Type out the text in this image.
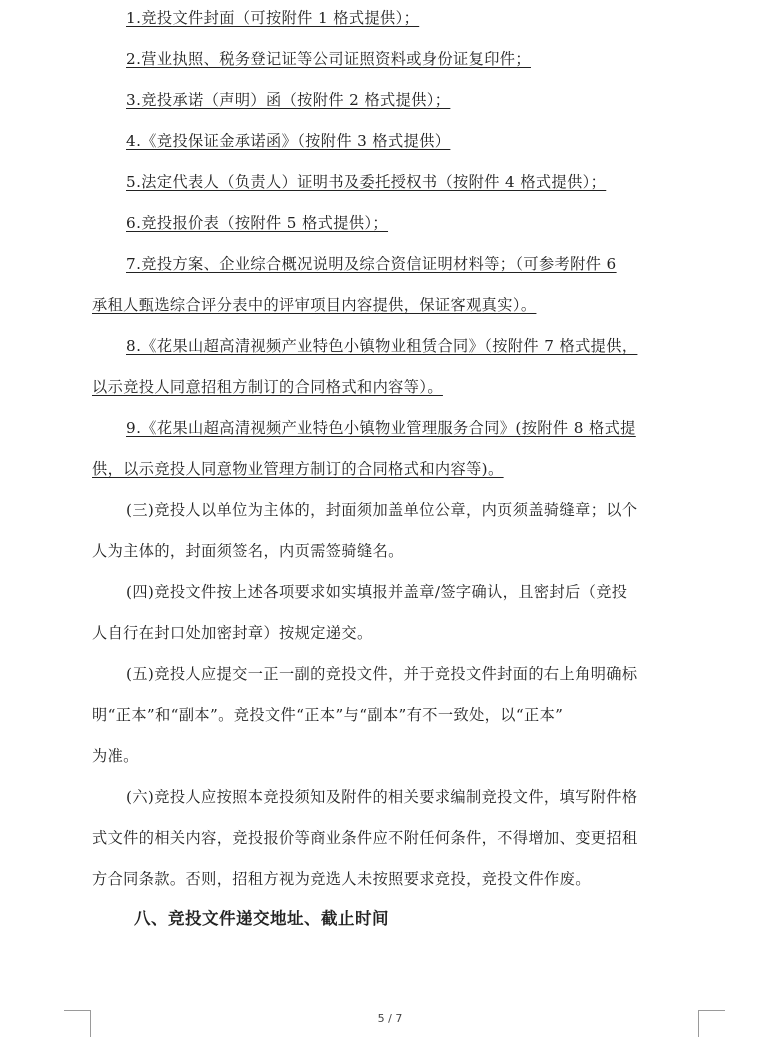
1.竞投文件封面（可按附件 1 格式提供）；
2.营业执照、税务登记证等公司证照资料或身份证复印件；
3.竞投承诺（声明）函（按附件 2 格式提供）；
4.《竞投保证金承诺函》（按附件 3 格式提供）
5.法定代表人（负责人）证明书及委托授权书（按附件 4 格式提供）；
6.竞投报价表（按附件 5 格式提供）；
7.竞投方案、企业综合概况说明及综合资信证明材料等；（可参考附件 6
承租人甄选综合评分表中的评审项目内容提供，保证客观真实）。
8.《花果山超高清视频产业特色小镇物业租赁合同》（按附件 7 格式提供，
以示竞投人同意招租方制订的合同格式和内容等）。
9.《花果山超高清视频产业特色小镇物业管理服务合同》(按附件 8 格式提
供，以示竞投人同意物业管理方制订的合同格式和内容等)。
(三)竞投人以单位为主体的，封面须加盖单位公章，内页须盖骑缝章；以个
人为主体的，封面须签名，内页需签骑缝名。
(四)竞投文件按上述各项要求如实填报并盖章/签字确认，且密封后（竞投
人自行在封口处加密封章）按规定递交。
(五)竞投人应提交一正一副的竞投文件，并于竞投文件封面的右上角明确标
明“正本”和“副本”。竞投文件“正本”与“副本”有不一致处，以“正本”
为准。
(六)竞投人应按照本竞投须知及附件的相关要求编制竞投文件，填写附件格
式文件的相关内容，竞投报价等商业条件应不附任何条件，不得增加、变更招租
方合同条款。否则，招租方视为竞选人未按照要求竞投，竞投文件作废。
八、竞投文件递交地址、截止时间
5 / 7
